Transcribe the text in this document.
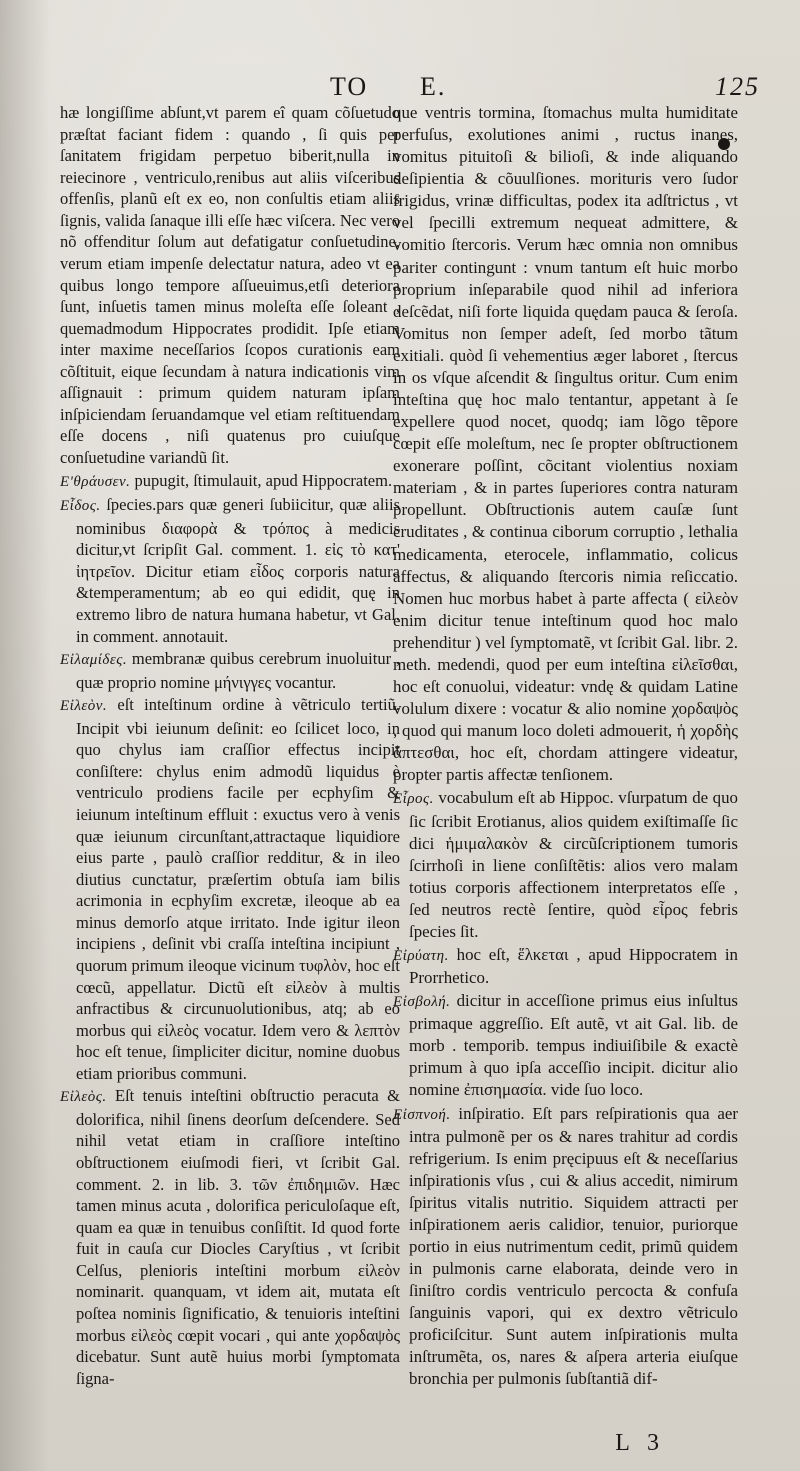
TO E.	125

hæ longiſſime abſunt,vt parem eî quam cõſuetudo præſtat faciant fidem : quando , ſi quis per ſanitatem frigidam perpetuo biberit,nulla in reiecinore , ventriculo,renibus aut aliis viſceribus offenſis, planũ eſt ex eo, non conſultis etiam aliis ſignis, valida ſanaque illi eſſe hæc viſcera. Nec vero nõ offenditur ſolum aut defatigatur conſuetudine, verum etiam impenſe delectatur natura, adeo vt ea quibus longo tempore aſſueuimus,etſi deteriora ſunt, inſuetis tamen minus moleſta eſſe ſoleant , quemadmodum Hippocrates prodidit. Ipſe etiam inter maxime neceſſarios ſcopos curationis eam cõſtituit, eique ſecundam à natura indicationis vim aſſignauit : primum quidem naturam ipſam inſpiciendam ſeruandamque vel etiam reſtituendam eſſe docens , niſi quatenus pro cuiuſque conſuetudine variandũ ſit.

Ε'θράυσεν. pupugit, ſtimulauit, apud Hippocratem.

Εἶδος. ſpecies.pars quæ generi ſubiicitur, quæ aliis nominibus διαφορὰ & τρόπος à medicis dicitur,vt ſcripſit Gal. comment. 1. εἰς τὸ κατ' ἰητρεῖον. Dicitur etiam εἶδος corporis natura &temperamentum; ab eo qui edidit, quę in extremo libro de natura humana habetur, vt Gal. in comment. annotauit.

Εἰλαμίδες. membranæ quibus cerebrum inuoluitur , quæ proprio nomine μήνιγγες vocantur.

Εἰλεὸν. eſt inteſtinum ordine à vẽtriculo tertiũ. Incipit vbi ieiunum deſinit: eo ſcilicet loco, in quo chylus iam craſſior effectus incipit conſiſtere: chylus enim admodũ liquidus è ventriculo prodiens facile per ecphyſim & ieiunum inteſtinum effluit : exuctus vero à venis quæ ieiunum circunſtant,attractaque liquidiore eius parte , paulò craſſior redditur, & in ileo diutius cunctatur, præſertim obtuſa iam bilis acrimonia in ecphyſim excretæ, ileoque ab ea minus demorſo atque irritato. Inde igitur ileon incipiens , deſinit vbi craſſa inteſtina incipiunt , quorum primum ileoque vicinum τυφλὸν, hoc eſt cœcũ, appellatur. Dictũ eſt εἰλεὸν à multis anfractibus & circunuolutionibus, atq; ab eo morbus qui εἰλεὸς vocatur. Idem vero & λεπτὸν hoc eſt tenue, ſimpliciter dicitur, nomine duobus etiam prioribus communi.

Εἰλεὸς. Eſt tenuis inteſtini obſtructio peracuta & dolorifica, nihil ſinens deorſum deſcendere. Sed nihil vetat etiam in craſſiore inteſtino obſtructionem eiuſmodi fieri, vt ſcribit Gal. comment. 2. in lib. 3. τῶν ἐπιδημιῶν. Hæc tamen minus acuta , dolorifica periculoſaque eſt, quam ea quæ in tenuibus conſiſtit. Id quod forte fuit in cauſa cur Diocles Caryſtius , vt ſcribit Celſus, plenioris inteſtini morbum εἰλεὸν nominarit. quanquam, vt idem ait, mutata eſt poſtea nominis ſignificatio, & tenuioris inteſtini morbus εἰλεὸς cœpit vocari , qui ante χορδαψὸς dicebatur. Sunt autẽ huius morbi ſymptomata ſigna-

que ventris tormina, ſtomachus multa humiditate perfuſus, exolutiones animi , ructus inanes, vomitus pituitoſi & bilioſi, & inde aliquando deſipientia & cõuulſiones. morituris vero ſudor frigidus, vrinæ difficultas, podex ita adſtrictus , vt vel ſpecilli extremum nequeat admittere, & vomitio ſtercoris. Verum hæc omnia non omnibus pariter contingunt : vnum tantum eſt huic morbo proprium inſeparabile quod nihil ad inferiora deſcẽdat, niſi forte liquida quędam pauca & ſeroſa. Vomitus non ſemper adeſt, ſed morbo tãtum exitiali. quòd ſi vehementius æger laboret , ſtercus in os vſque aſcendit & ſingultus oritur. Cum enim inteſtina quę hoc malo tentantur, appetant à ſe expellere quod nocet, quodq; iam lõgo tẽpore cœpit eſſe moleſtum, nec ſe propter obſtructionem exonerare poſſint, cõcitant violentius noxiam materiam , & in partes ſuperiores contra naturam propellunt. Obſtructionis autem cauſæ ſunt cruditates , & continua ciborum corruptio , lethalia medicamenta, eterocele, inflammatio, colicus affectus, & aliquando ſtercoris nimia reſiccatio. Nomen huc morbus habet à parte affecta ( εἰλεὸν enim dicitur tenue inteſtinum quod hoc malo prehenditur ) vel ſymptomatẽ, vt ſcribit Gal. libr. 2. meth. medendi, quod per eum inteſtina εἰλεῖσθαι, hoc eſt conuolui, videatur: vndę & quidam Latine volulum dixere : vocatur & alio nomine χορδαψὸς , quod qui manum loco doleti admouerit, ἡ χορδὴς ἅπτεσθαι, hoc eſt, chordam attingere videatur, propter partis affectæ tenſionem.

Εἶρος. vocabulum eſt ab Hippoc. vſurpatum de quo ſic ſcribit Erotianus, alios quidem exiſtimaſſe ſic dici ἡμιμαλακὸν & circũſcriptionem tumoris ſcirrhoſi in liene conſiſtẽtis: alios vero malam totius corporis affectionem interpretatos eſſe , ſed neutros rectè ſentire, quòd εἶρος febris ſpecies ſit.

Εἰρύατη. hoc eſt, ἕλκεται , apud Hippocratem in Prorrhetico.

Εἰσβολή. dicitur in acceſſione primus eius inſultus primaque aggreſſio. Eſt autẽ, vt ait Gal. lib. de morb . temporib. tempus indiuiſibile & exactè primum à quo ipſa acceſſio incipit. dicitur alio nomine ἐπισημασία. vide ſuo loco.

Εἰσπνοή. inſpiratio. Eſt pars reſpirationis qua aer intra pulmonẽ per os & nares trahitur ad cordis refrigerium. Is enim pręcipuus eſt & neceſſarius inſpirationis vſus , cui & alius accedit, nimirum ſpiritus vitalis nutritio. Siquidem attracti per inſpirationem aeris calidior, tenuior, puriorque portio in eius nutrimentum cedit, primũ quidem in pulmonis carne elaborata, deinde vero in ſiniſtro cordis ventriculo percocta & confuſa ſanguinis vapori, qui ex dextro vẽtriculo proficiſcitur. Sunt autem inſpirationis multa inſtrumẽta, os, nares & aſpera arteria eiuſque bronchia per pulmonis ſubſtantiã dif-

L 3
